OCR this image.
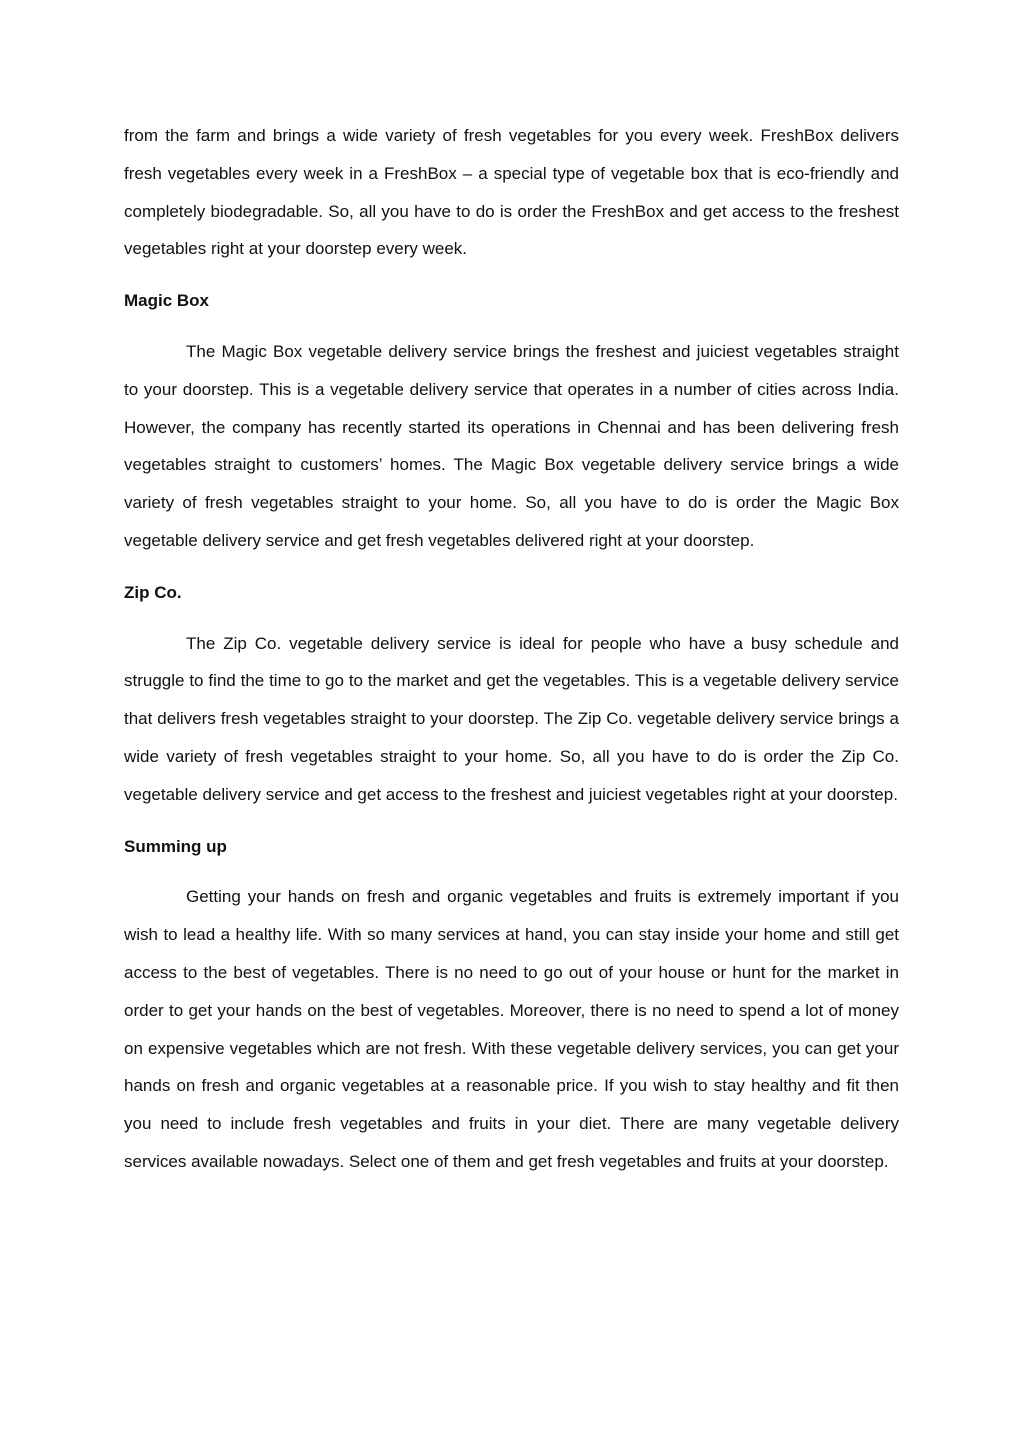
from the farm and brings a wide variety of fresh vegetables for you every week. FreshBox delivers fresh vegetables every week in a FreshBox – a special type of vegetable box that is eco-friendly and completely biodegradable. So, all you have to do is order the FreshBox and get access to the freshest vegetables right at your doorstep every week.

Magic Box

The Magic Box vegetable delivery service brings the freshest and juiciest vegetables straight to your doorstep. This is a vegetable delivery service that operates in a number of cities across India. However, the company has recently started its operations in Chennai and has been delivering fresh vegetables straight to customers’ homes. The Magic Box vegetable delivery service brings a wide variety of fresh vegetables straight to your home. So, all you have to do is order the Magic Box vegetable delivery service and get fresh vegetables delivered right at your doorstep.

Zip Co.

The Zip Co. vegetable delivery service is ideal for people who have a busy schedule and struggle to find the time to go to the market and get the vegetables. This is a vegetable delivery service that delivers fresh vegetables straight to your doorstep. The Zip Co. vegetable delivery service brings a wide variety of fresh vegetables straight to your home. So, all you have to do is order the Zip Co. vegetable delivery service and get access to the freshest and juiciest vegetables right at your doorstep.

Summing up

Getting your hands on fresh and organic vegetables and fruits is extremely important if you wish to lead a healthy life. With so many services at hand, you can stay inside your home and still get access to the best of vegetables. There is no need to go out of your house or hunt for the market in order to get your hands on the best of vegetables. Moreover, there is no need to spend a lot of money on expensive vegetables which are not fresh. With these vegetable delivery services, you can get your hands on fresh and organic vegetables at a reasonable price. If you wish to stay healthy and fit then you need to include fresh vegetables and fruits in your diet. There are many vegetable delivery services available nowadays. Select one of them and get fresh vegetables and fruits at your doorstep.
